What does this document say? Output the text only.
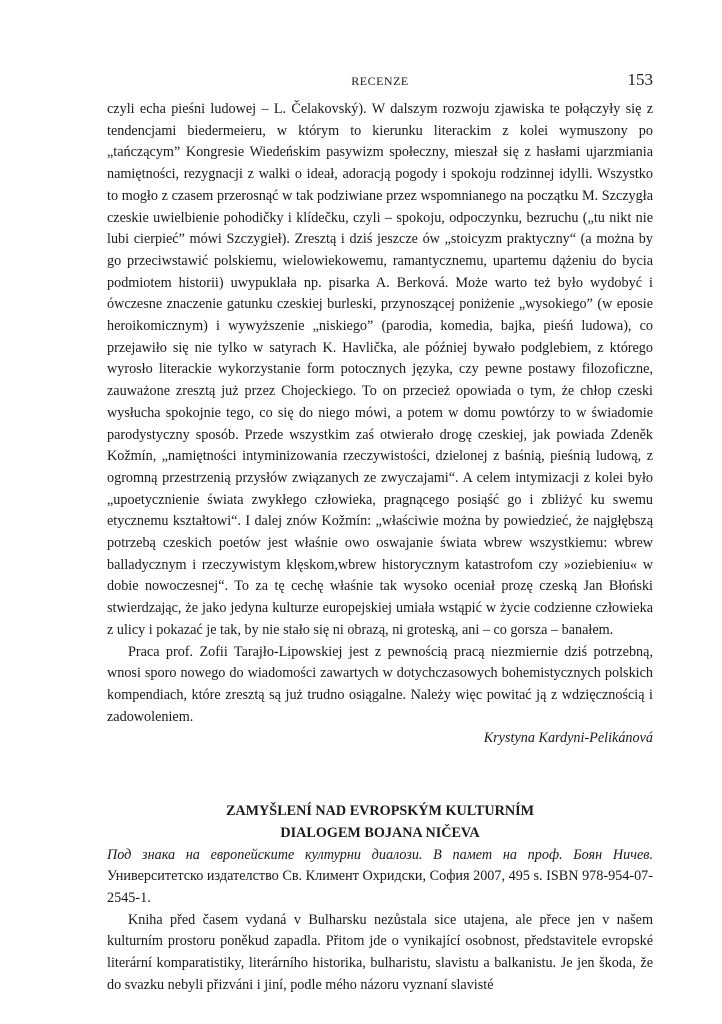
RECENZE	153

czyli echa pieśni ludowej – L. Čelakovský). W dalszym rozwoju zjawiska te połączyły się z tendencjami biedermeieru, w którym to kierunku literackim z kolei wymuszony po „tańczącym” Kongresie Wiedeńskim pasywizm społeczny, mieszał się z hasłami ujarzmiania namiętności, rezygnacji z walki o ideał, adoracją pogody i spokoju rodzinnej idylli. Wszystko to mogło z czasem przerosnąć w tak podziwiane przez wspomnianego na początku M. Szczygła czeskie uwielbienie pohodičky i klídečku, czyli – spokoju, odpoczynku, bezruchu („tu nikt nie lubi cierpieć” mówi Szczygieł). Zresztą i dziś jeszcze ów „stoicyzm praktyczny“ (a można by go przeciwstawić polskiemu, wielowiekowemu, ramantycznemu, upartemu dążeniu do bycia podmiotem historii) uwypuklała np. pisarka A. Berková. Może warto też było wydobyć i ówczesne znaczenie gatunku czeskiej burleski, przynoszącej poniżenie „wysokiego” (w eposie heroikomicznym) i wywyższenie „niskiego” (parodia, komedia, bajka, pieśń ludowa), co przejawiło się nie tylko w satyrach K. Havlička, ale później bywało podglebiem, z którego wyrosło literackie wykorzystanie form potocznych języka, czy pewne postawy filozoficzne, zauważone zresztą już przez Chojeckiego. To on przecież opowiada o tym, że chłop czeski wysłucha spokojnie tego, co się do niego mówi, a potem w domu powtórzy to w świadomie parodystyczny sposób. Przede wszystkim zaś otwierało drogę czeskiej, jak powiada Zdeněk Kožmín, „namiętności intyminizowania rzeczywistości, dzielonej z baśnią, pieśnią ludową, z ogromną przestrzenią przysłów związanych ze zwyczajami“. A celem intymizacji z kolei było „upoetycznienie świata zwykłego człowieka, pragnącego posiąść go i zbliżyć ku swemu etycznemu kształtowi“. I dalej znów Kožmín: „właściwie można by powiedzieć, że najgłębszą potrzebą czeskich poetów jest właśnie owo oswajanie świata wbrew wszystkiemu: wbrew balladycznym i rzeczywistym klęskom,wbrew historycznym katastrofom czy »oziebieniu« w dobie nowoczesnej“. To za tę cechę właśnie tak wysoko oceniał prozę czeską Jan Błoński stwierdzając, że jako jedyna kulturze europejskiej umiała wstąpić w życie codzienne człowieka z ulicy i pokazać je tak, by nie stało się ni obrazą, ni groteską, ani – co gorsza – banałem.

Praca prof. Zofii Tarajło-Lipowskiej jest z pewnością pracą niezmiernie dziś potrzebną, wnosi sporo nowego do wiadomości zawartych w dotychczasowych bohemistycznych polskich kompendiach, które zresztą są już trudno osiągalne. Należy więc powitać ją z wdzięcznością i zadowoleniem.

Krystyna Kardyni-Pelikánová

ZAMYŠLENÍ NAD EVROPSKÝM KULTURNÍM
DIALOGEM BOJANA NIČEVA

Под знака на европейските културни диалози. В памет на проф. Боян Ничев. Университетско издателство Св. Климент Охридски, София 2007, 495 s. ISBN 978-954-07-2545-1.

Kniha před časem vydaná v Bulharsku nezůstala sice utajena, ale přece jen v našem kulturním prostoru poněkud zapadla. Přitom jde o vynikající osobnost, představitele evropské literární komparatistiky, literárního historika, bulharistu, slavistu a balkanistu. Je jen škoda, že do svazku nebyli přizváni i jiní, podle mého názoru vyznaní slavisté
